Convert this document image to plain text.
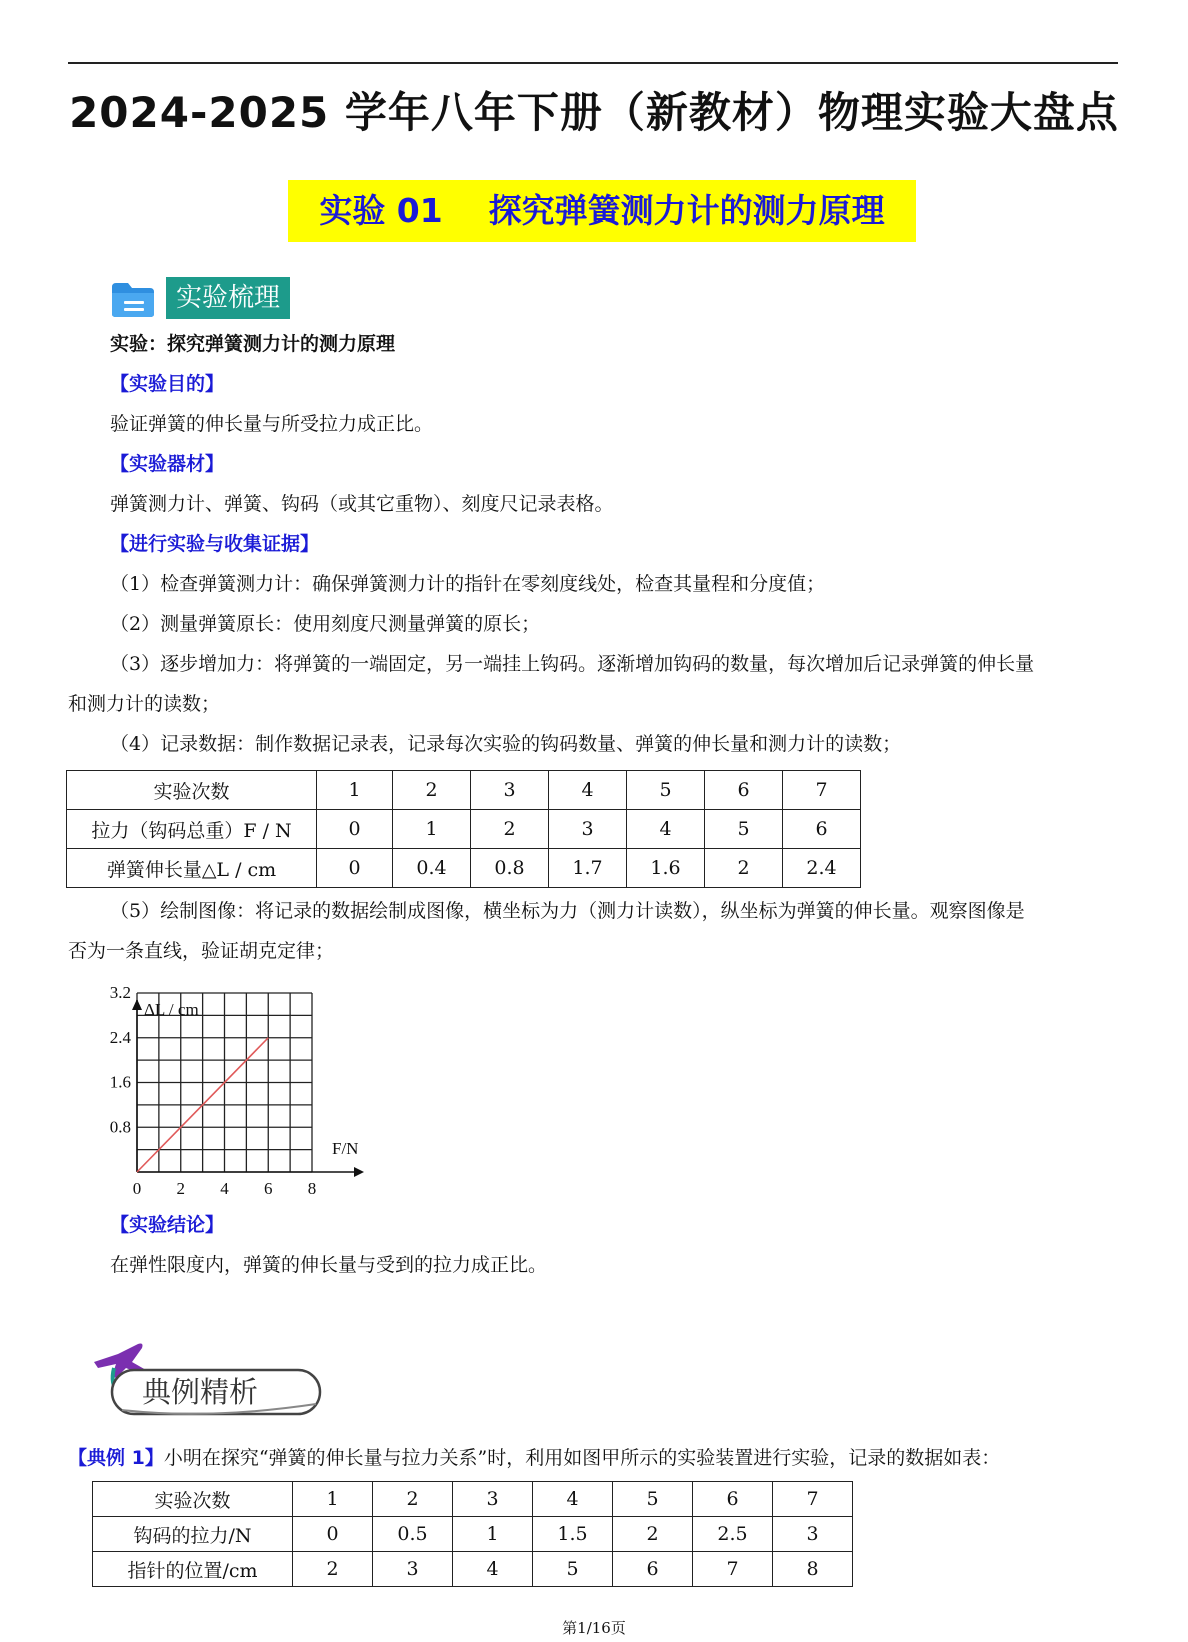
2024-2025 学年八年下册（新教材）物理实验大盘点
实验 01    探究弹簧测力计的测力原理
实验梳理
实验：探究弹簧测力计的测力原理
【实验目的】
验证弹簧的伸长量与所受拉力成正比。
【实验器材】
弹簧测力计、弹簧、钩码（或其它重物）、刻度尺记录表格。
【进行实验与收集证据】
（1）检查弹簧测力计：确保弹簧测力计的指针在零刻度线处，检查其量程和分度值；
（2）测量弹簧原长：使用刻度尺测量弹簧的原长；
（3）逐步增加力：将弹簧的一端固定，另一端挂上钩码。逐渐增加钩码的数量，每次增加后记录弹簧的伸长量
和测力计的读数；
（4）记录数据：制作数据记录表，记录每次实验的钩码数量、弹簧的伸长量和测力计的读数；
实验次数	1	2	3	4	5	6	7
拉力（钩码总重）F / N	0	1	2	3	4	5	6
弹簧伸长量△L / cm	0	0.4	0.8	1.7	1.6	2	2.4
（5）绘制图像：将记录的数据绘制成图像，横坐标为力（测力计读数），纵坐标为弹簧的伸长量。观察图像是
否为一条直线，验证胡克定律；
0 2 4 6 8
0.8
1.6
2.4
3.2
ΔL / cm
F/N
【实验结论】
在弹性限度内，弹簧的伸长量与受到的拉力成正比。
典例精析
【典例 1】小明在探究“弹簧的伸长量与拉力关系”时，利用如图甲所示的实验装置进行实验，记录的数据如表：
实验次数	1	2	3	4	5	6	7
钩码的拉力/N	0	0.5	1	1.5	2	2.5	3
指针的位置/cm	2	3	4	5	6	7	8
第1/16页
